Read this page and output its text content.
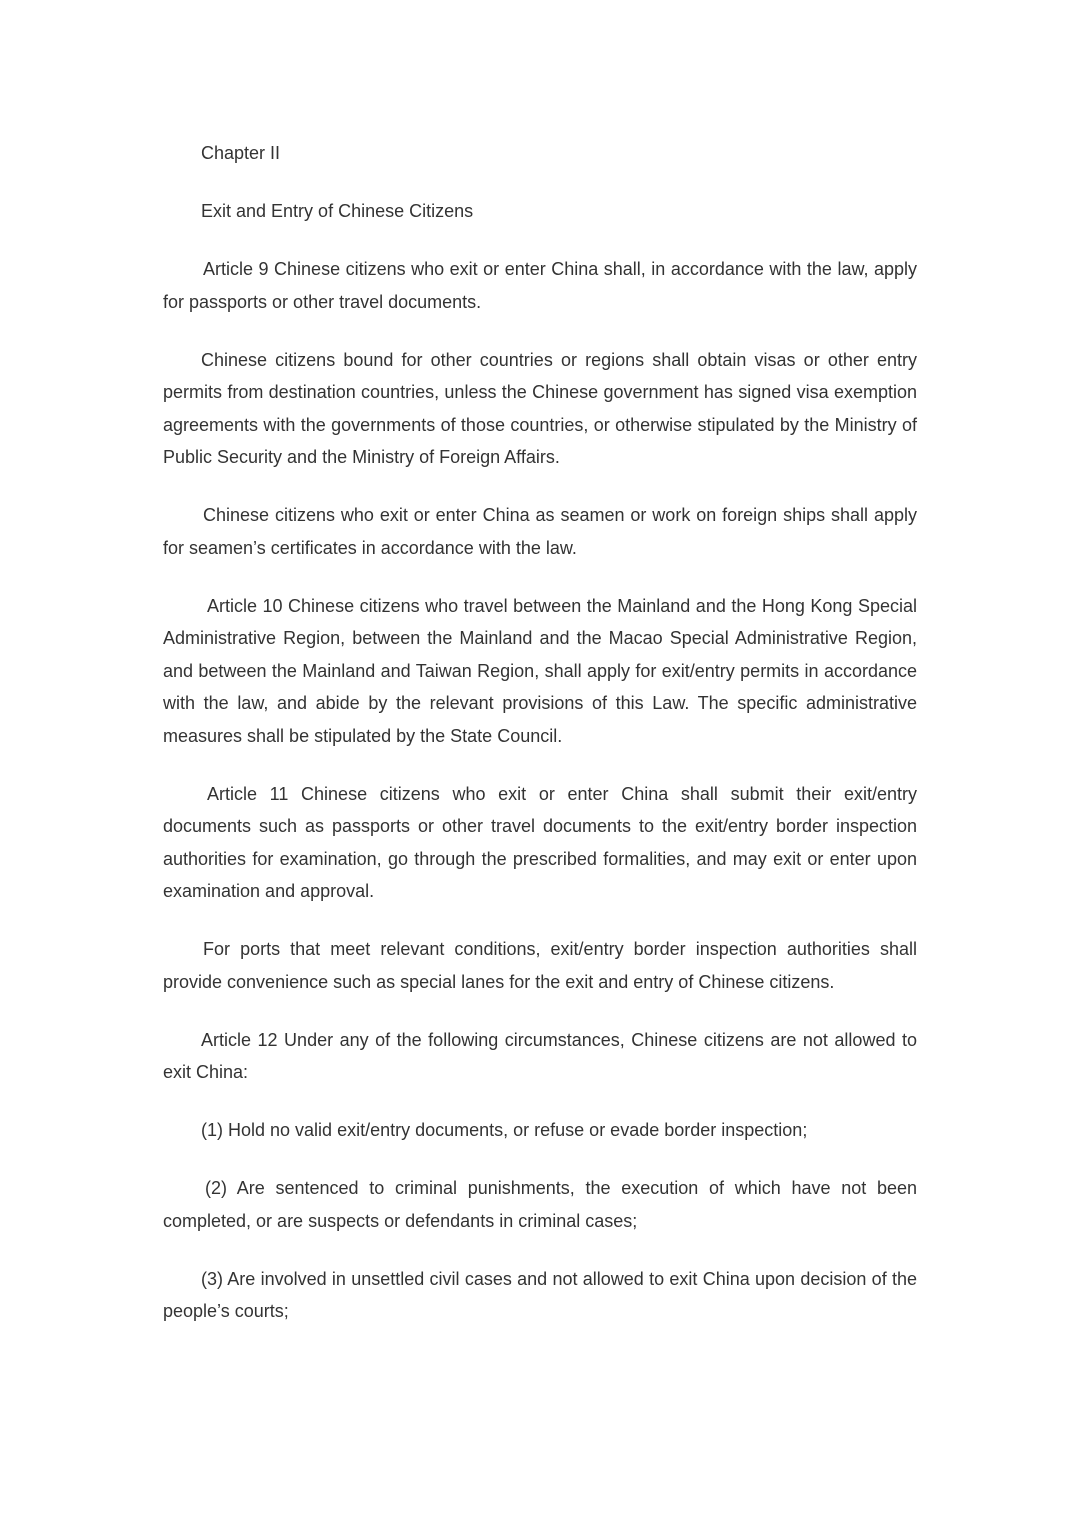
Chapter II

Exit and Entry of Chinese Citizens

Article 9 Chinese citizens who exit or enter China shall, in accordance with the law, apply for passports or other travel documents.

Chinese citizens bound for other countries or regions shall obtain visas or other entry permits from destination countries, unless the Chinese government has signed visa exemption agreements with the governments of those countries, or otherwise stipulated by the Ministry of Public Security and the Ministry of Foreign Affairs.

Chinese citizens who exit or enter China as seamen or work on foreign ships shall apply for seamen’s certificates in accordance with the law.

Article 10 Chinese citizens who travel between the Mainland and the Hong Kong Special Administrative Region, between the Mainland and the Macao Special Administrative Region, and between the Mainland and Taiwan Region, shall apply for exit/entry permits in accordance with the law, and abide by the relevant provisions of this Law. The specific administrative measures shall be stipulated by the State Council.

Article 11 Chinese citizens who exit or enter China shall submit their exit/entry documents such as passports or other travel documents to the exit/entry border inspection authorities for examination, go through the prescribed formalities, and may exit or enter upon examination and approval.

For ports that meet relevant conditions, exit/entry border inspection authorities shall provide convenience such as special lanes for the exit and entry of Chinese citizens.

Article 12 Under any of the following circumstances, Chinese citizens are not allowed to exit China:

(1) Hold no valid exit/entry documents, or refuse or evade border inspection;

(2) Are sentenced to criminal punishments, the execution of which have not been completed, or are suspects or defendants in criminal cases;

(3) Are involved in unsettled civil cases and not allowed to exit China upon decision of the people’s courts;
